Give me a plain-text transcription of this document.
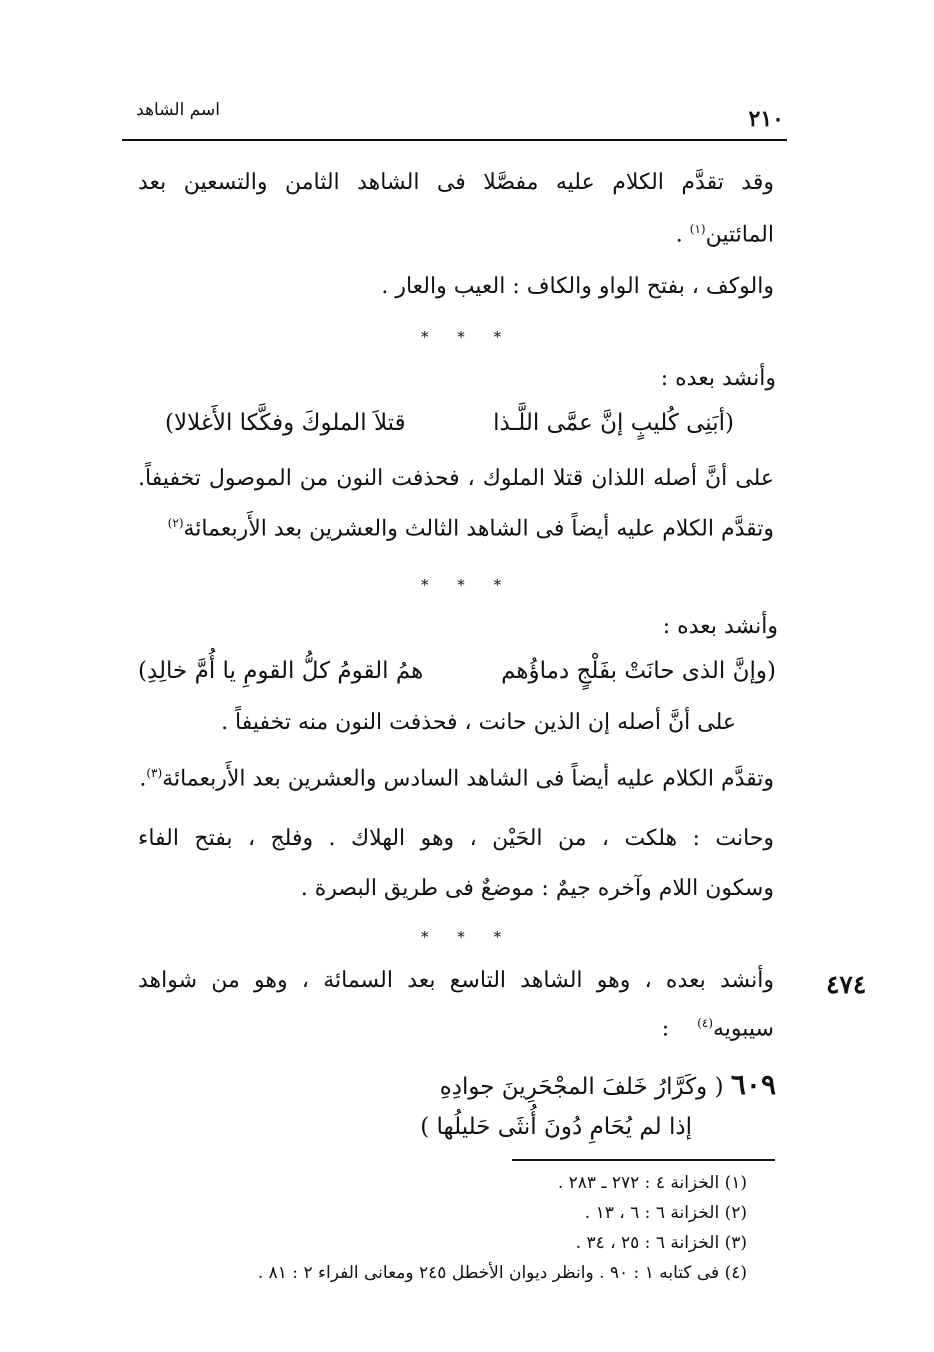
اسم الشاهد	٢١٠
وقد تقدَّم الكلام عليه مفصَّلا فى الشاهد الثامن والتسعين بعد
المائتين$^{(١)}$ .
والوكف ، بفتح الواو والكاف : العيب والعار .
* * *
وأنشد بعده :
(أبَنِى كُليبٍ إنَّ عمَّى اللَّـذا
قتلاَ الملوكَ وفكَّكا الأَغلالا)
على أنَّ أصله اللذان قتلا الملوك ، فحذفت النون من الموصول تخفيفاً.
وتقدَّم الكلام عليه أيضاً فى الشاهد الثالث والعشرين بعد الأَربعمائة$^{(٢)}$
* * *
وأنشد بعده :
(وإنَّ الذى حانَتْ بفَلْجٍ دماؤُهم
همُ القومُ كلُّ القومِ يا أُمَّ خالِدِ)
على أنَّ أصله إن الذين حانت ، فحذفت النون منه تخفيفاً .
وتقدَّم الكلام عليه أيضاً فى الشاهد السادس والعشرين بعد الأَربعمائة$^{(٣)}$.
وحانت : هلكت ، من الحَيْن ، وهو الهلاك . وفلج ، بفتح الفاء
وسكون اللام وآخره جيمٌ : موضعٌ فى طريق البصرة .
* * *
٤٧٤
وأنشد بعده ، وهو الشاهد التاسع بعد السمائة ، وهو من شواهد
سيبويه$^{(٤)}$    :
٦٠٩ ( وكَرَّارُ خَلفَ المجْحَرِينَ جوادِهِ
إذا لم يُحَامِ دُونَ أُنثَى حَليلُها )
(١) الخزانة ٤ : ٢٧٢ ـ ٢٨٣ .
(٢) الخزانة ٦ : ٦ ، ١٣ .
(٣) الخزانة ٦ : ٢٥ ، ٣٤ .
(٤) فى كتابه ١ : ٩٠ . وانظر ديوان الأخطل ٢٤٥ ومعانى الفراء ٢ : ٨١ .
